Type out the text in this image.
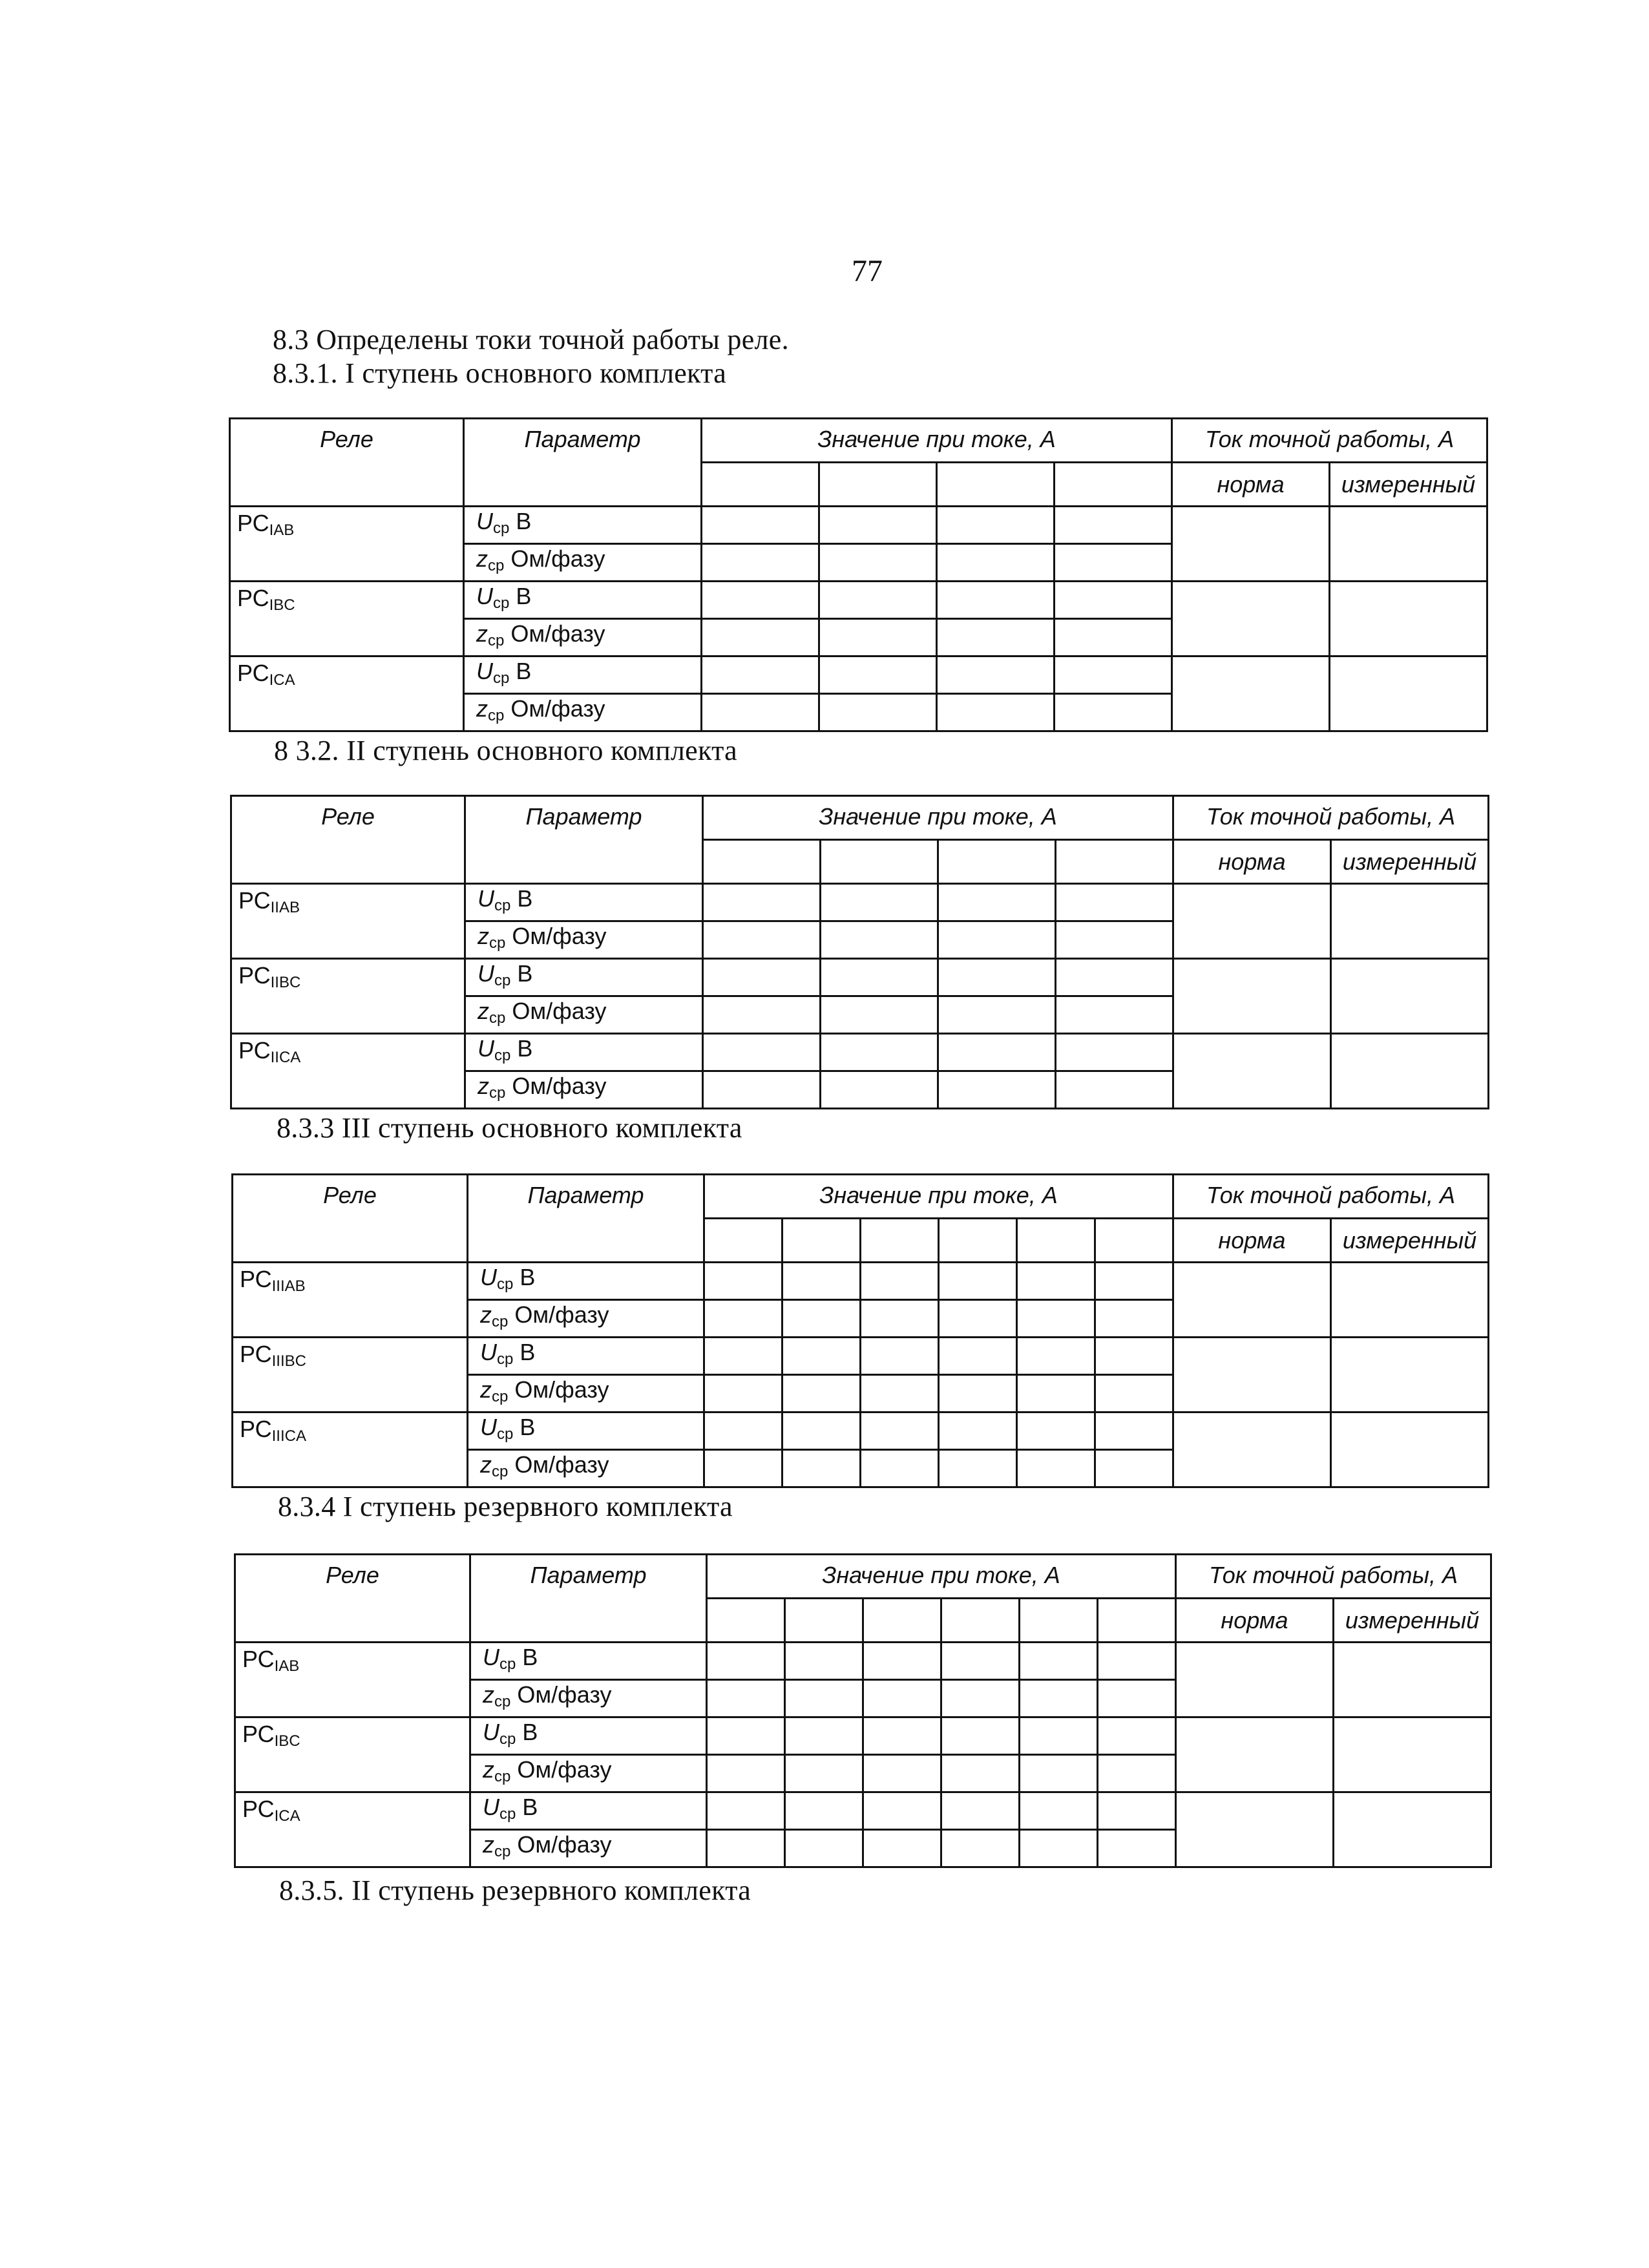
77
8.3 Определены токи точной работы реле.
8.3.1. I ступень основного комплекта
Реле	Параметр	Значение при токе, А				Ток точной работы, А	
						норма	измеренный
$РС_{IAB}$	$U_{ср}$ В						
	$z_{ср}$ Ом/фазу						
$РС_{IBC}$	$U_{ср}$ В						
	$z_{ср}$ Ом/фазу						
$РС_{ICA}$	$U_{ср}$ В						
	$z_{ср}$ Ом/фазу						
8 3.2. II ступень основного комплекта
Реле	Параметр	Значение при токе, А				Ток точной работы, А	
						норма	измеренный
$РС_{IIAB}$	$U_{ср}$ В						
	$z_{ср}$ Ом/фазу						
$РС_{IIBC}$	$U_{ср}$ В						
	$z_{ср}$ Ом/фазу						
$РС_{IICA}$	$U_{ср}$ В						
	$z_{ср}$ Ом/фазу						
8.3.3 III ступень основного комплекта
Реле	Параметр	Значение при токе, А						Ток точной работы, А	
								норма	измеренный
$РС_{IIIAB}$	$U_{ср}$ В								
	$z_{ср}$ Ом/фазу								
$РС_{IIIBC}$	$U_{ср}$ В								
	$z_{ср}$ Ом/фазу								
$РС_{IIICA}$	$U_{ср}$ В								
	$z_{ср}$ Ом/фазу								
8.3.4 I ступень резервного комплекта
Реле	Параметр	Значение при токе, А						Ток точной работы, А	
								норма	измеренный
$РС_{IAB}$	$U_{ср}$ В								
	$z_{ср}$ Ом/фазу								
$РС_{IBC}$	$U_{ср}$ В								
	$z_{ср}$ Ом/фазу								
$РС_{ICA}$	$U_{ср}$ В								
	$z_{ср}$ Ом/фазу								
8.3.5. II ступень резервного комплекта
